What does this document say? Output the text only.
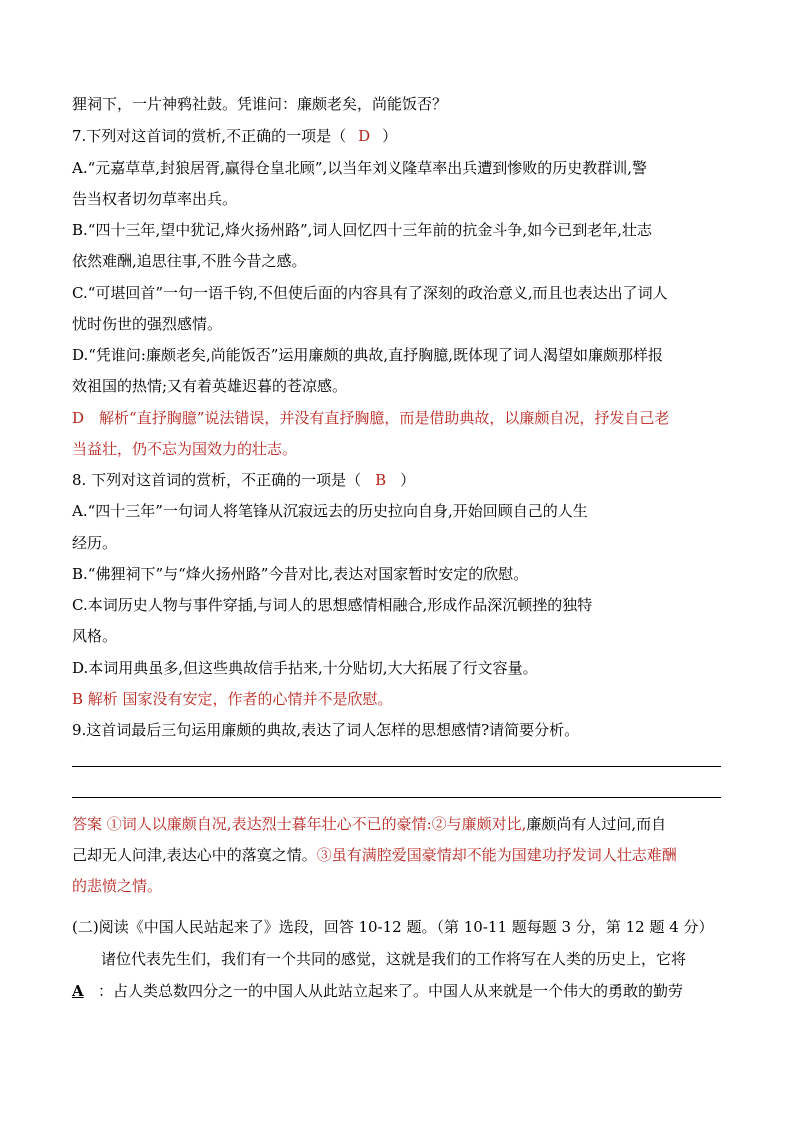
狸祠下，一片神鸦社鼓。凭谁问：廉颇老矣，尚能饭否？
7.下列对这首词的赏析,不正确的一项是（ D ）
A.“元嘉草草,封狼居胥,赢得仓皇北顾”,以当年刘义隆草率出兵遭到惨败的历史教群训,警
告当权者切勿草率出兵。
B.“四十三年,望中犹记,烽火扬州路”,词人回忆四十三年前的抗金斗争,如今已到老年,壮志
依然难酬,追思往事,不胜今昔之感。
C.“可堪回首”一句一语千钧,不但使后面的内容具有了深刻的政治意义,而且也表达出了词人
忧时伤世的强烈感情。
D.“凭谁问:廉颇老矣,尚能饭否”运用廉颇的典故,直抒胸臆,既体现了词人渴望如廉颇那样报
效祖国的热情;又有着英雄迟暮的苍凉感。
D　解析“直抒胸臆”说法错误，并没有直抒胸臆，而是借助典故，以廉颇自况，抒发自己老
当益壮，仍不忘为国效力的壮志。
8. 下列对这首词的赏析，不正确的一项是（ B ）
A.“四十三年”一句词人将笔锋从沉寂远去的历史拉向自身,开始回顾自己的人生
经历。
B.“佛狸祠下”与“烽火扬州路”今昔对比,表达对国家暂时安定的欣慰。
C.本词历史人物与事件穿插,与词人的思想感情相融合,形成作品深沉顿挫的独特
风格。
D.本词用典虽多,但这些典故信手拈来,十分贴切,大大拓展了行文容量。
B 解析 国家没有安定，作者的心情并不是欣慰。
9.这首词最后三句运用廉颇的典故,表达了词人怎样的思想感情?请简要分析。
答案 ①词人以廉颇自况,表达烈士暮年壮心不已的豪情:②与廉颇对比,廉颇尚有人过问,而自
己却无人问津,表达心中的落寞之情。③虽有满腔爱国豪情却不能为国建功抒发词人壮志难酬
的悲愤之情。
(二)阅读《中国人民站起来了》选段，回答 10-12 题。（第 10-11 题每题 3 分，第 12 题 4 分）
诸位代表先生们，我们有一个共同的感觉，这就是我们的工作将写在人类的历史上，它将
A ：占人类总数四分之一的中国人从此站立起来了。中国人从来就是一个伟大的勇敢的勤劳
